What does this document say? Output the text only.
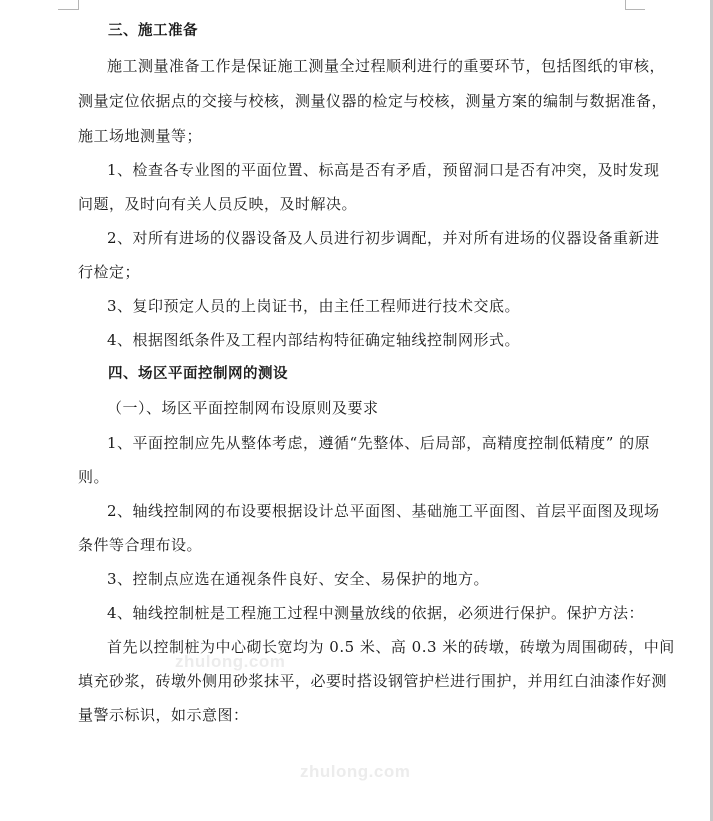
三、施工准备
施工测量准备工作是保证施工测量全过程顺利进行的重要环节，包括图纸的审核，
测量定位依据点的交接与校核，测量仪器的检定与校核，测量方案的编制与数据准备，
施工场地测量等；
1、检查各专业图的平面位置、标高是否有矛盾，预留洞口是否有冲突，及时发现
问题，及时向有关人员反映，及时解决。
2、对所有进场的仪器设备及人员进行初步调配，并对所有进场的仪器设备重新进
行检定；
3、复印预定人员的上岗证书，由主任工程师进行技术交底。
4、根据图纸条件及工程内部结构特征确定轴线控制网形式。
四、场区平面控制网的测设
（一）、场区平面控制网布设原则及要求
1、平面控制应先从整体考虑，遵循“先整体、后局部，高精度控制低精度” 的原
则。
2、轴线控制网的布设要根据设计总平面图、基础施工平面图、首层平面图及现场
条件等合理布设。
3、控制点应选在通视条件良好、安全、易保护的地方。
4、轴线控制桩是工程施工过程中测量放线的依据，必须进行保护。保护方法：
首先以控制桩为中心砌长宽均为 0.5 米、高 0.3 米的砖墩，砖墩为周围砌砖，中间
填充砂浆，砖墩外侧用砂浆抹平，必要时搭设钢管护栏进行围护，并用红白油漆作好测
量警示标识，如示意图：
zhulong.com
zhulong.com
